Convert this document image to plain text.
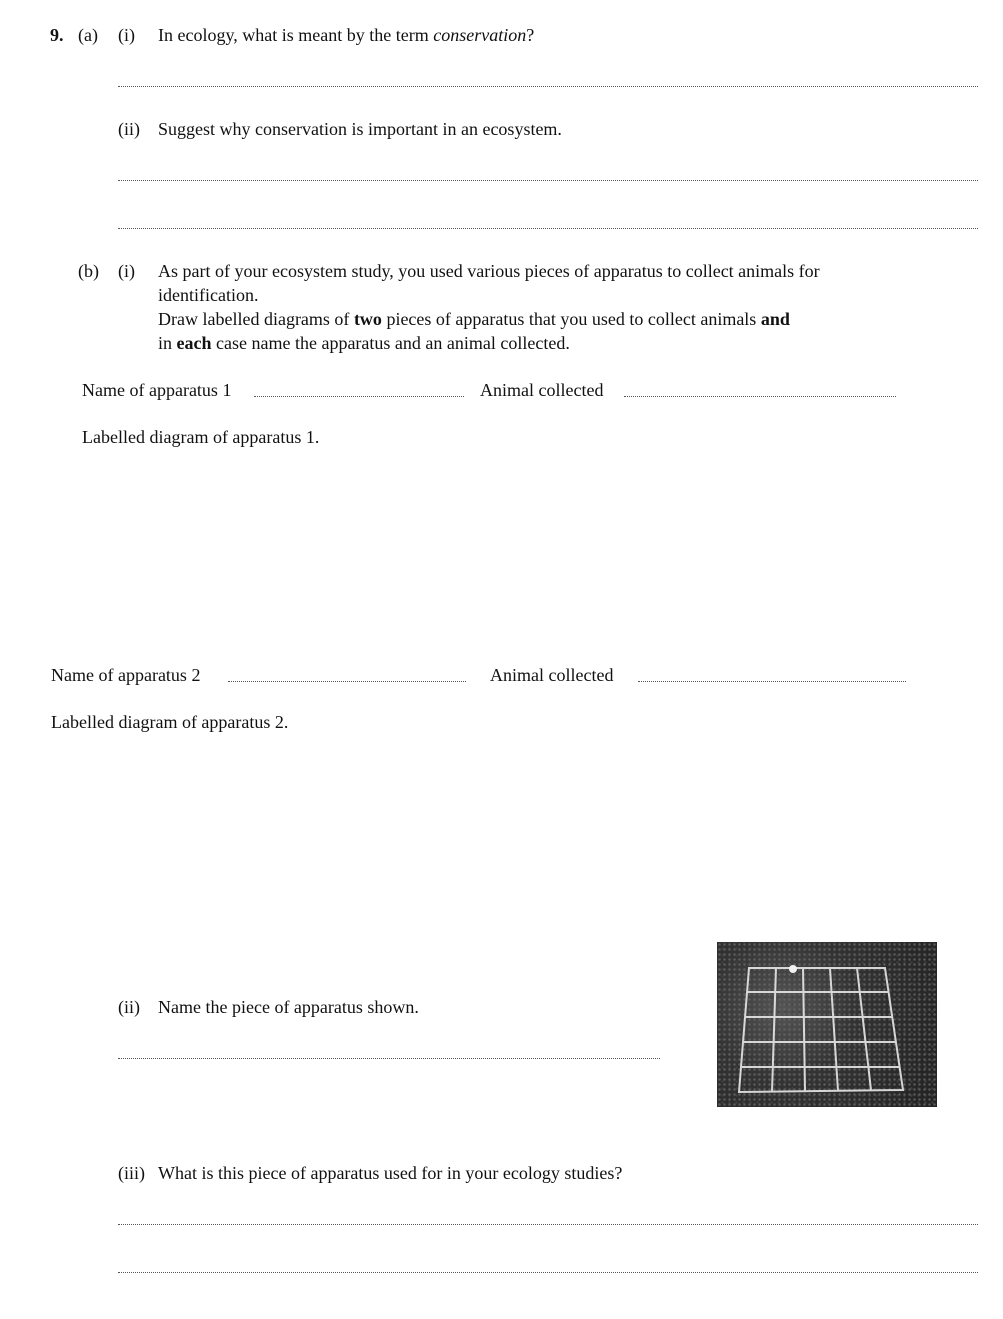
9. (a) (i) In ecology, what is meant by the term conservation?
(ii) Suggest why conservation is important in an ecosystem.
(b) (i) As part of your ecosystem study, you used various pieces of apparatus to collect animals for
identification.
Draw labelled diagrams of two pieces of apparatus that you used to collect animals and
in each case name the apparatus and an animal collected.
Name of apparatus 1	Animal collected
Labelled diagram of apparatus 1.
Name of apparatus 2	Animal collected
Labelled diagram of apparatus 2.
(ii) Name the piece of apparatus shown.
(iii) What is this piece of apparatus used for in your ecology studies?
